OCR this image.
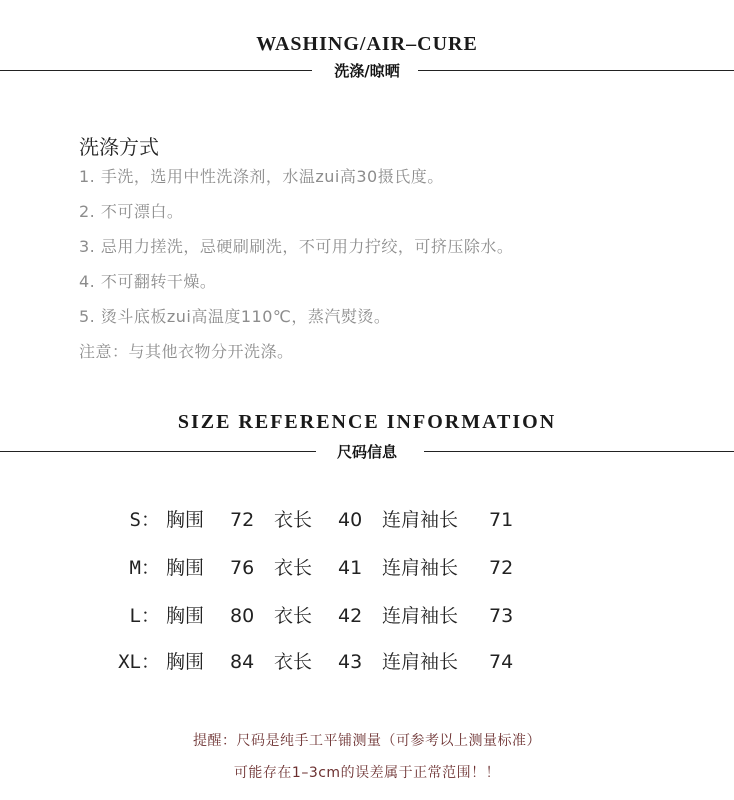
WASHING/AIR–CURE
洗涤/晾晒
洗涤方式
1. 手洗，选用中性洗涤剂，水温zui高30摄氏度。
2. 不可漂白。
3. 忌用力搓洗，忌硬刷刷洗，不可用力拧绞，可挤压除水。
4. 不可翻转干燥。
5. 烫斗底板zui高温度110℃，蒸汽熨烫。
注意：与其他衣物分开洗涤。
SIZE REFERENCE INFORMATION
尺码信息
S： 胸围 72 衣长 40 连肩袖长 71
M： 胸围 76 衣长 41 连肩袖长 72
L： 胸围 80 衣长 42 连肩袖长 73
XL： 胸围 84 衣长 43 连肩袖长 74
提醒：尺码是纯手工平铺测量（可参考以上测量标准）
可能存在1–3cm的误差属于正常范围！！
